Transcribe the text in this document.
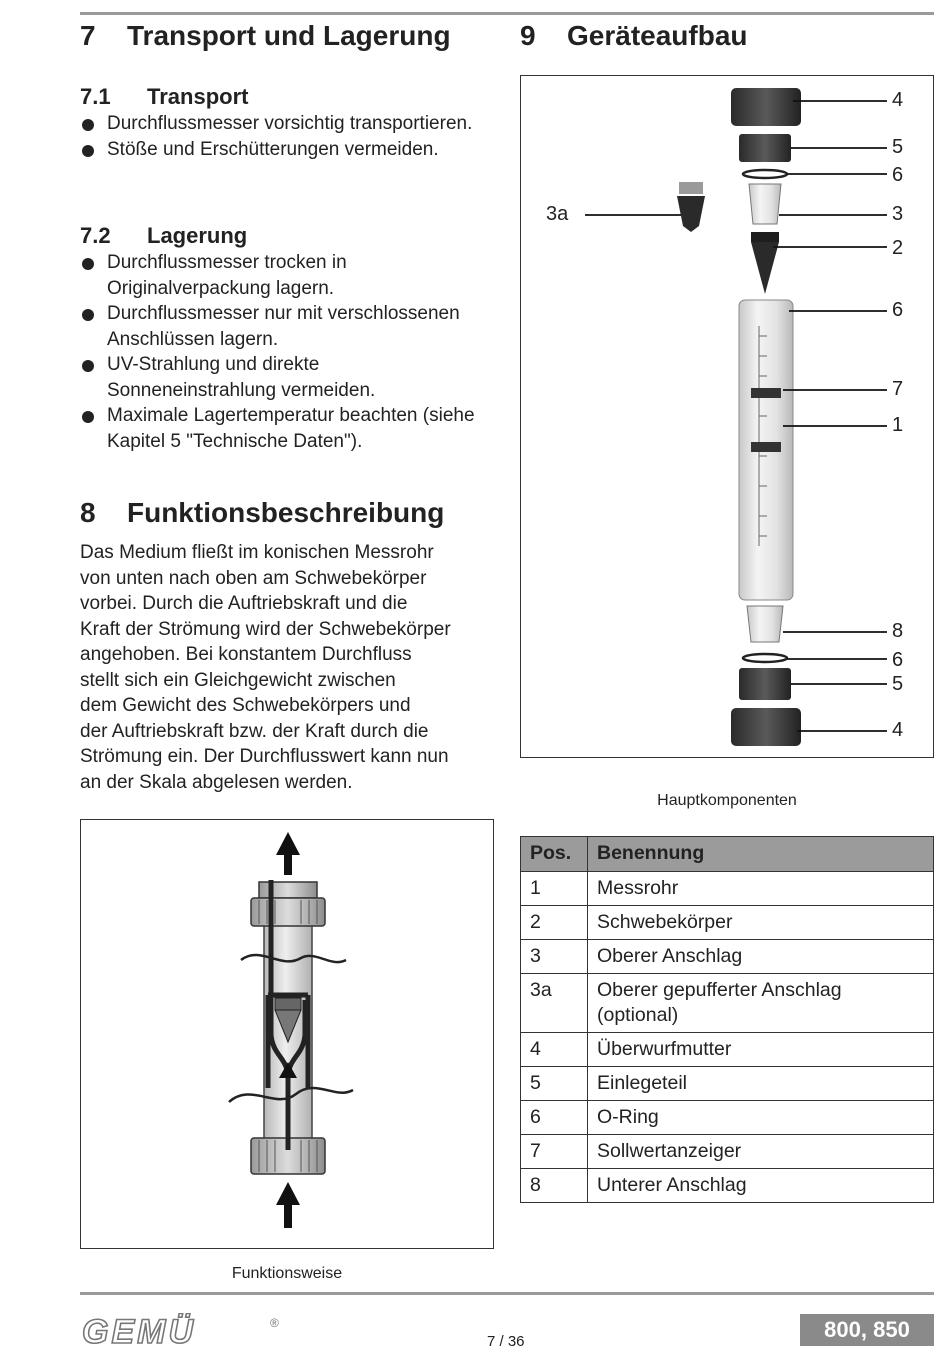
7 Transport und Lagerung
7.1 Transport
Durchflussmesser vorsichtig transportieren.
Stöße und Erschütterungen vermeiden.
7.2 Lagerung
Durchflussmesser trocken in Originalverpackung lagern.
Durchflussmesser nur mit verschlossenen Anschlüssen lagern.
UV-Strahlung und direkte Sonneneinstrahlung vermeiden.
Maximale Lagertemperatur beachten (siehe Kapitel 5 "Technische Daten").
8 Funktionsbeschreibung
Das Medium fließt im konischen Messrohr
von unten nach oben am Schwebekörper
vorbei. Durch die Auftriebskraft und die
Kraft der Strömung wird der Schwebekörper
angehoben. Bei konstantem Durchfluss
stellt sich ein Gleichgewicht zwischen
dem Gewicht des Schwebekörpers und
der Auftriebskraft bzw. der Kraft durch die
Strömung ein. Der Durchflusswert kann nun
an der Skala abgelesen werden.
Funktionsweise
9 Geräteaufbau
4
5
6
3
2
6
7
1
8
6
5
4
3a
Hauptkomponenten
Pos.	Benennung
1	Messrohr
2	Schwebekörper
3	Oberer Anschlag
3a	Oberer gepufferter Anschlag (optional)
4	Überwurfmutter
5	Einlegeteil
6	O-Ring
7	Sollwertanzeiger
8	Unterer Anschlag
GEMÜ	®
7 / 36	800, 850
